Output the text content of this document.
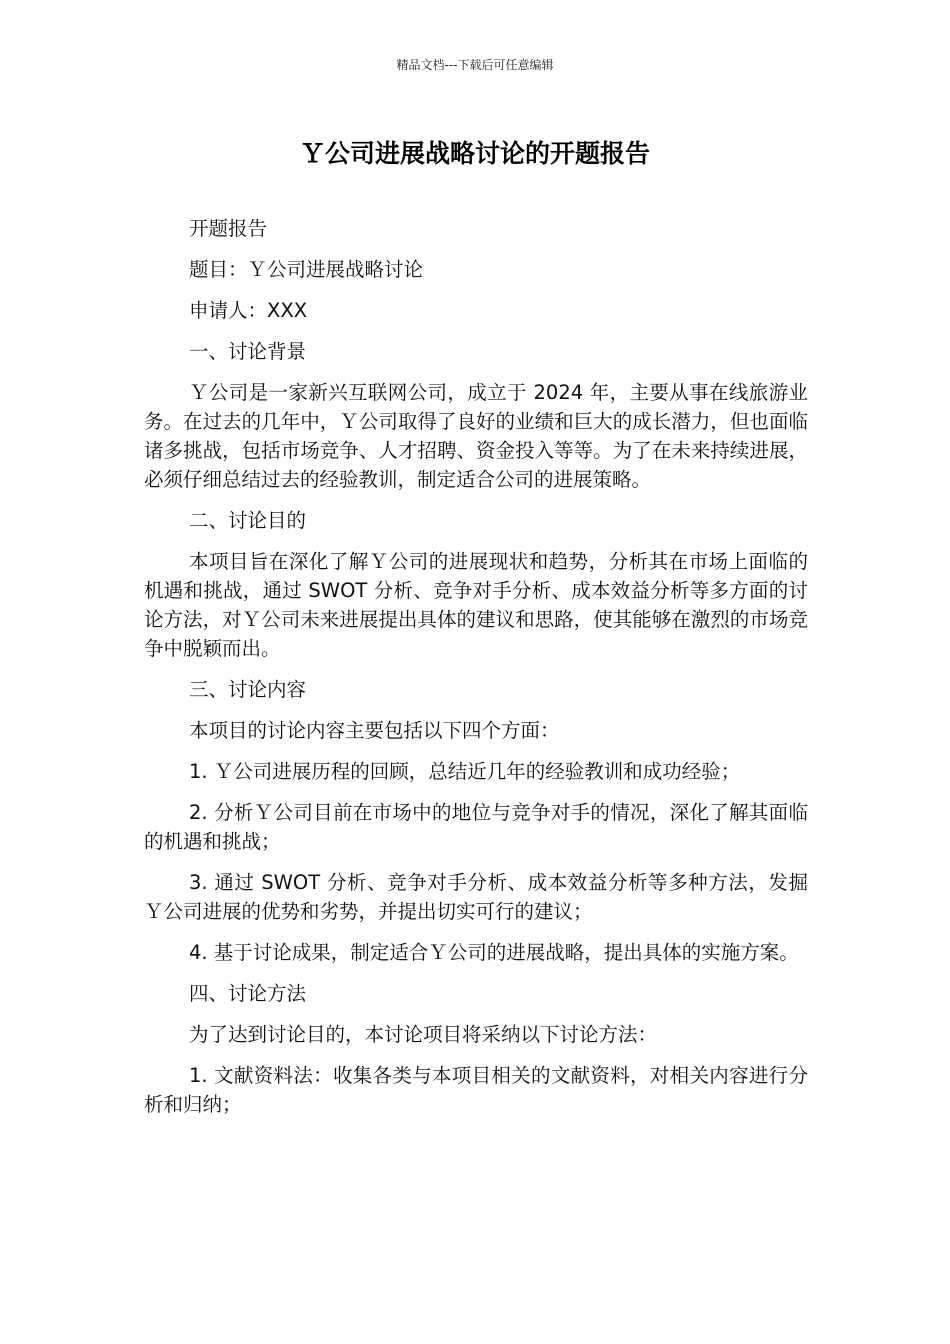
精品文档---下载后可任意编辑
Ｙ公司进展战略讨论的开题报告

开题报告

题目：Ｙ公司进展战略讨论

申请人：XXX

一、讨论背景

Ｙ公司是一家新兴互联网公司，成立于 2024 年，主要从事在线旅游业务。在过去的几年中，Ｙ公司取得了良好的业绩和巨大的成长潜力，但也面临诸多挑战，包括市场竞争、人才招聘、资金投入等等。为了在未来持续进展，必须仔细总结过去的经验教训，制定适合公司的进展策略。

二、讨论目的

本项目旨在深化了解Ｙ公司的进展现状和趋势，分析其在市场上面临的机遇和挑战，通过 SWOT 分析、竞争对手分析、成本效益分析等多方面的讨论方法，对Ｙ公司未来进展提出具体的建议和思路，使其能够在激烈的市场竞争中脱颖而出。

三、讨论内容

本项目的讨论内容主要包括以下四个方面：

1. Ｙ公司进展历程的回顾，总结近几年的经验教训和成功经验；

2. 分析Ｙ公司目前在市场中的地位与竞争对手的情况，深化了解其面临的机遇和挑战；

3. 通过 SWOT 分析、竞争对手分析、成本效益分析等多种方法，发掘Ｙ公司进展的优势和劣势，并提出切实可行的建议；

4. 基于讨论成果，制定适合Ｙ公司的进展战略，提出具体的实施方案。

四、讨论方法

为了达到讨论目的，本讨论项目将采纳以下讨论方法：

1. 文献资料法：收集各类与本项目相关的文献资料，对相关内容进行分析和归纳；
